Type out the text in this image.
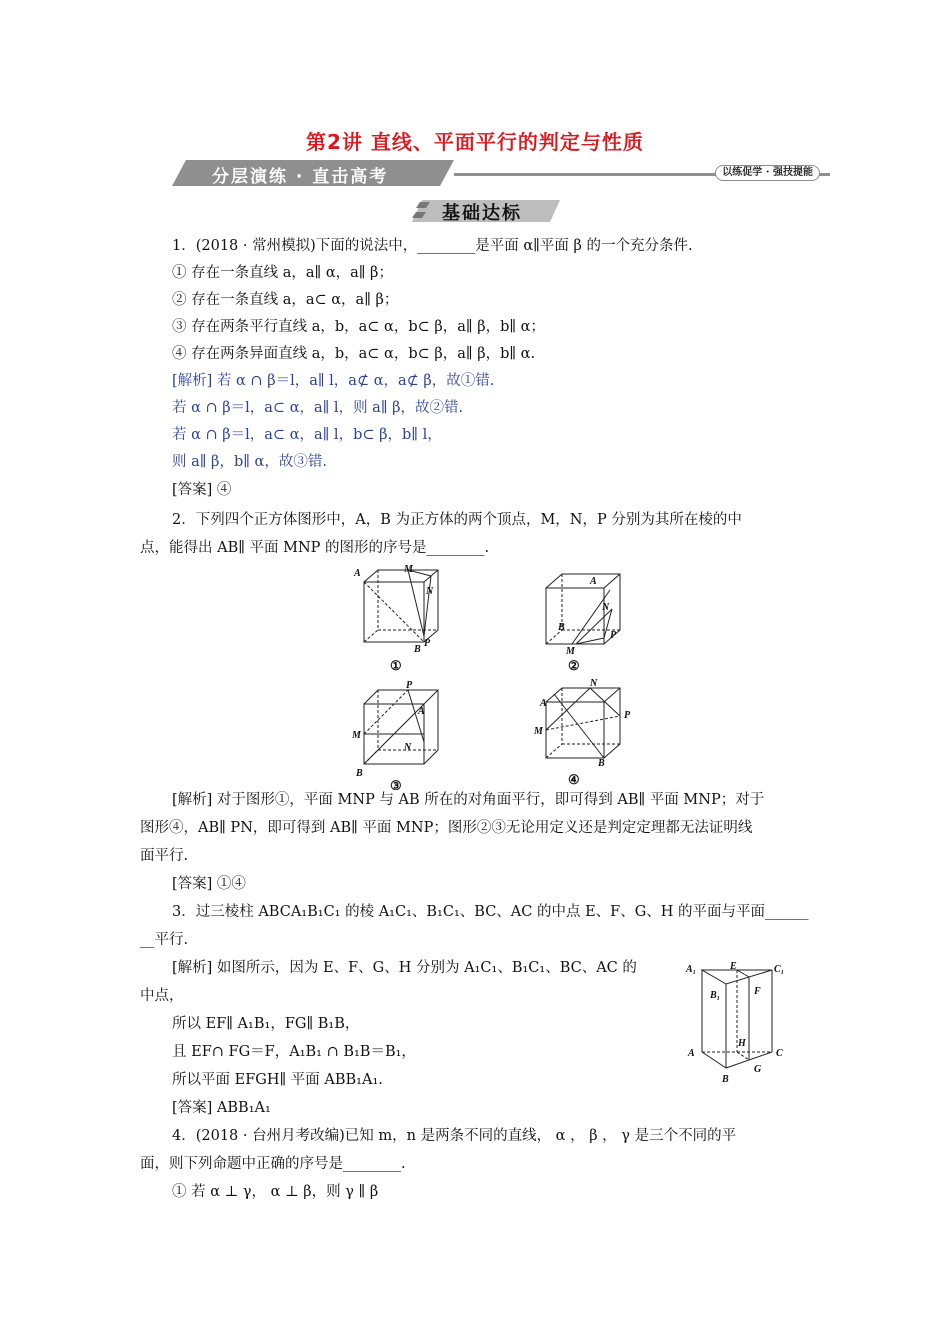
第2讲 直线、平面平行的判定与性质
分层演练 · 直击高考	以练促学 · 强技提能
基础达标
1．(2018 · 常州模拟)下面的说法中，________是平面 α∥平面 β 的一个充分条件.
① 存在一条直线 a，a∥ α，a∥ β；
② 存在一条直线 a，a⊂ α，a∥ β；
③ 存在两条平行直线 a，b，a⊂ α，b⊂ β，a∥ β，b∥ α；
④ 存在两条异面直线 a，b，a⊂ α，b⊂ β，a∥ β，b∥ α.
[解析] 若 α ∩ β＝l，a∥ l，a⊄ α，a⊄ β，故①错.
若 α ∩ β＝l，a⊂ α，a∥ l，则 a∥ β，故②错.
若 α ∩ β＝l，a⊂ α，a∥ l，b⊂ β，b∥ l，
则 a∥ β，b∥ α，故③错.
[答案] ④
2．下列四个正方体图形中，A，B 为正方体的两个顶点，M，N，P 分别为其所在棱的中
点，能得出 AB∥ 平面 MNP 的图形的序号是________.
A	M
N
B
P
①
A
N
B
P
M
②
P
A
M
N
B
③
N
A
P
M
B
④
[解析] 对于图形①，平面 MNP 与 AB 所在的对角面平行，即可得到 AB∥ 平面 MNP；对于
图形④，AB∥ PN，即可得到 AB∥ 平面 MNP；图形②③无论用定义还是判定定理都无法证明线
面平行.
[答案] ①④
3．过三棱柱 ABCA₁B₁C₁ 的棱 A₁C₁、B₁C₁、BC、AC 的中点 E、F、G、H 的平面与平面______
__平行.
[解析] 如图所示，因为 E、F、G、H 分别为 A₁C₁、B₁C₁、BC、AC 的
中点，
所以 EF∥ A₁B₁，FG∥ B₁B，
且 EF∩ FG＝F，A₁B₁ ∩ B₁B＝B₁，
所以平面 EFGH∥ 平面 ABB₁A₁.
[答案] ABB₁A₁
A₁	E	C₁
B₁	F
H
A	C
G
B
4．(2018 · 台州月考改编)已知 m，n 是两条不同的直线， α ， β ， γ 是三个不同的平
面，则下列命题中正确的序号是________.
① 若 α ⊥ γ， α ⊥ β，则 γ ∥ β
